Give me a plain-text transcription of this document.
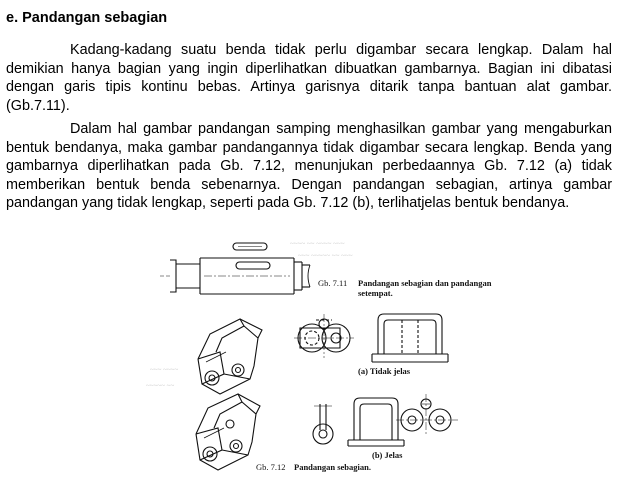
e. Pandangan sebagian
Kadang-kadang suatu benda tidak perlu digambar secara lengkap. Dalam hal demikian hanya bagian yang ingin diperlihatkan dibuatkan gambarnya. Bagian ini dibatasi dengan garis tipis kontinu bebas. Artinya garisnya ditarik tanpa bantuan alat gambar. (Gb.7.11).
Dalam hal gambar pandangan samping menghasilkan gambar yang mengaburkan bentuk bendanya, maka gambar pandangannya tidak digambar secara lengkap. Benda yang gambarnya diperlihatkan pada Gb. 7.12, menunjukan perbedaannya Gb. 7.12 (a) tidak memberikan bentuk benda sebenarnya. Dengan pandangan sebagian, artinya gambar pandangan yang tidak lengkap, seperti pada Gb. 7.12 (b), terlihatjelas bentuk bendanya.
~~~~ ~~ ~~~~ ~~~
~~~ ~~~~~ ~~ ~~~
~~~ ~~~~
~~~~~ ~~
Gb. 7.11 Pandangan sebagian dan pandangan setempat.
(a) Tidak jelas
(b) Jelas
Gb. 7.12 Pandangan sebagian.
